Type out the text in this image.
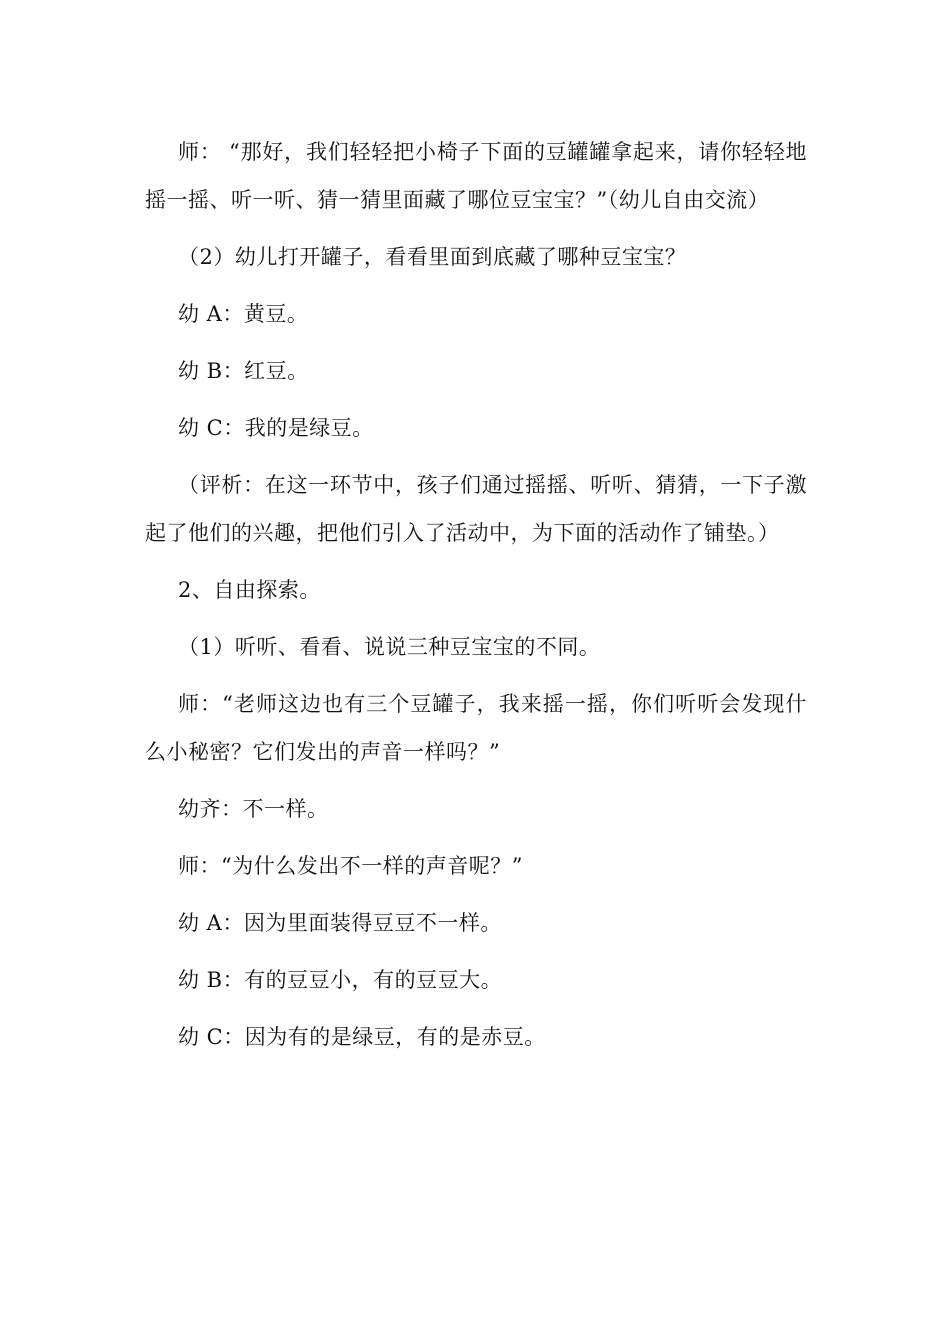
师： “那好，我们轻轻把小椅子下面的豆罐罐拿起来，请你轻轻地摇一摇、听一听、猜一猜里面藏了哪位豆宝宝？”（幼儿自由交流）

（2）幼儿打开罐子，看看里面到底藏了哪种豆宝宝？

幼 A：黄豆。

幼 B：红豆。

幼 C：我的是绿豆。

（评析：在这一环节中，孩子们通过摇摇、听听、猜猜，一下子激起了他们的兴趣，把他们引入了活动中，为下面的活动作了铺垫。）

2、自由探索。

（1）听听、看看、说说三种豆宝宝的不同。

师：“老师这边也有三个豆罐子，我来摇一摇，你们听听会发现什么小秘密？它们发出的声音一样吗？”

幼齐：不一样。

师：“为什么发出不一样的声音呢？”

幼 A：因为里面装得豆豆不一样。

幼 B：有的豆豆小，有的豆豆大。

幼 C：因为有的是绿豆，有的是赤豆。
